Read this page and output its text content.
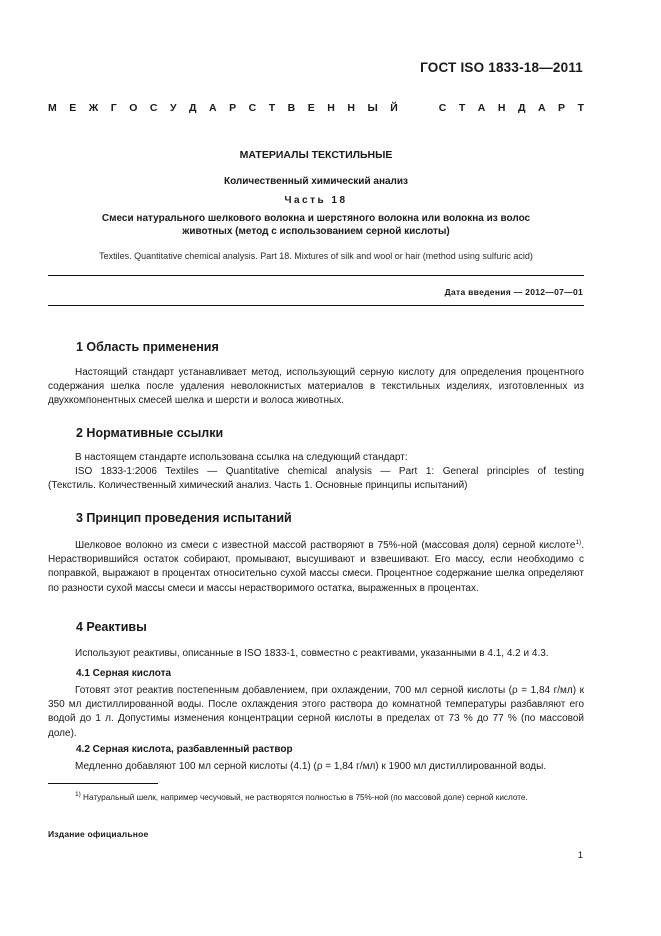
ГОСТ ISO 1833-18—2011
М Е Ж Г О С У Д А Р С Т В Е Н Н Ы Й	С Т А Н Д А Р Т
МАТЕРИАЛЫ ТЕКСТИЛЬНЫЕ
Количественный химический анализ
Часть 18
Смеси натурального шелкового волокна и шерстяного волокна или волокна из волос
животных (метод с использованием серной кислоты)
Textiles. Quantitative chemical analysis. Part 18. Mixtures of silk and wool or hair (method using sulfuric acid)
Дата введения — 2012—07—01
1 Область применения

Настоящий стандарт устанавливает метод, использующий серную кислоту для определения процентного содержания шелка после удаления неволокнистых материалов в текстильных изделиях, изготовленных из двухкомпонентных смесей шелка и шерсти и волоса животных.

2 Нормативные ссылки
В настоящем стандарте использована ссылка на следующий стандарт:
ISO 1833-1:2006 Textiles — Quantitative chemical analysis — Part 1: General principles of testing
(Текстиль. Количественный химический анализ. Часть 1. Основные принципы испытаний)
3 Принцип проведения испытаний

Шелковое волокно из смеси с известной массой растворяют в 75%-ной (массовая доля) серной кислоте$^{1)}$. Нерастворившийся остаток собирают, промывают, высушивают и взвешивают. Его массу, если необходимо с поправкой, выражают в процентах относительно сухой массы смеси. Процентное содержание шелка определяют по разности сухой массы смеси и массы нерастворимого остатка, выраженных в процентах.

4 Реактивы

Используют реактивы, описанные в ISO 1833-1, совместно с реактивами, указанными в 4.1, 4.2 и 4.3.

4.1 Серная кислота

Готовят этот реактив постепенным добавлением, при охлаждении, 700 мл серной кислоты (ρ = 1,84 г/мл) к 350 мл дистиллированной воды. После охлаждения этого раствора до комнатной температуры разбавляют его водой до 1 л. Допустимы изменения концентрации серной кислоты в пределах от 73 % до 77 % (по массовой доле).

4.2 Серная кислота, разбавленный раствор

Медленно добавляют 100 мл серной кислоты (4.1) (ρ = 1,84 г/мл) к 1900 мл дистиллированной воды.

$^{1)}$ Натуральный шелк, например чесучовый, не растворятся полностью в 75%-ной (по массовой доле) серной кислоте.

Издание официальное
1
